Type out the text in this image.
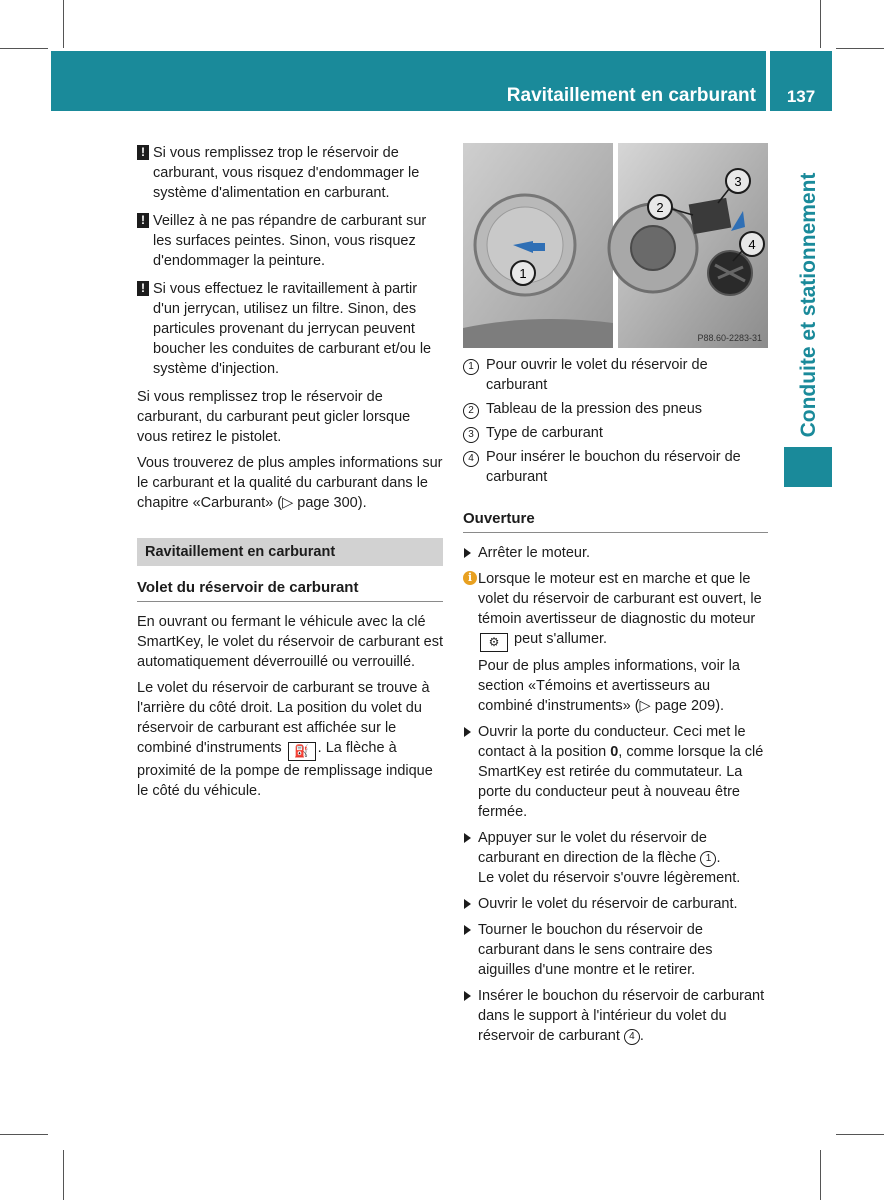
Ravitaillement en carburant	137
Conduite et stationnement
! Si vous remplissez trop le réservoir de carburant, vous risquez d'endommager le système d'alimentation en carburant.
! Veillez à ne pas répandre de carburant sur les surfaces peintes. Sinon, vous risquez d'endommager la peinture.
! Si vous effectuez le ravitaillement à partir d'un jerrycan, utilisez un filtre. Sinon, des particules provenant du jerrycan peuvent boucher les conduites de carburant et/ou le système d'injection.

Si vous remplissez trop le réservoir de carburant, du carburant peut gicler lorsque vous retirez le pistolet.

Vous trouverez de plus amples informations sur le carburant et la qualité du carburant dans le chapitre «Carburant» (▷ page 300).

Ravitaillement en carburant
Volet du réservoir de carburant

En ouvrant ou fermant le véhicule avec la clé SmartKey, le volet du réservoir de carburant est automatiquement déverrouillé ou verrouillé.

Le volet du réservoir de carburant se trouve à l'arrière du côté droit. La position du volet du réservoir de carburant est affichée sur le combiné d'instruments ⛽ . La flèche à proximité de la pompe de remplissage indique le côté du véhicule.

1
2
3
4
P88.60-2283-31
1 Pour ouvrir le volet du réservoir de carburant
2 Tableau de la pression des pneus
3 Type de carburant
4 Pour insérer le bouchon du réservoir de carburant
Ouverture
Arrêter le moteur.
i Lorsque le moteur est en marche et que le volet du réservoir de carburant est ouvert, le témoin avertisseur de diagnostic du moteur ⚙ peut s'allumer.

Pour de plus amples informations, voir la section «Témoins et avertisseurs au combiné d'instruments» (▷ page 209).

Ouvrir la porte du conducteur. Ceci met le contact à la position 0, comme lorsque la clé SmartKey est retirée du commutateur. La porte du conducteur peut à nouveau être fermée.
Appuyer sur le volet du réservoir de carburant en direction de la flèche 1 .
Le volet du réservoir s'ouvre légèrement.
Ouvrir le volet du réservoir de carburant.
Tourner le bouchon du réservoir de carburant dans le sens contraire des aiguilles d'une montre et le retirer.
Insérer le bouchon du réservoir de carburant dans le support à l'intérieur du volet du réservoir de carburant 4 .
